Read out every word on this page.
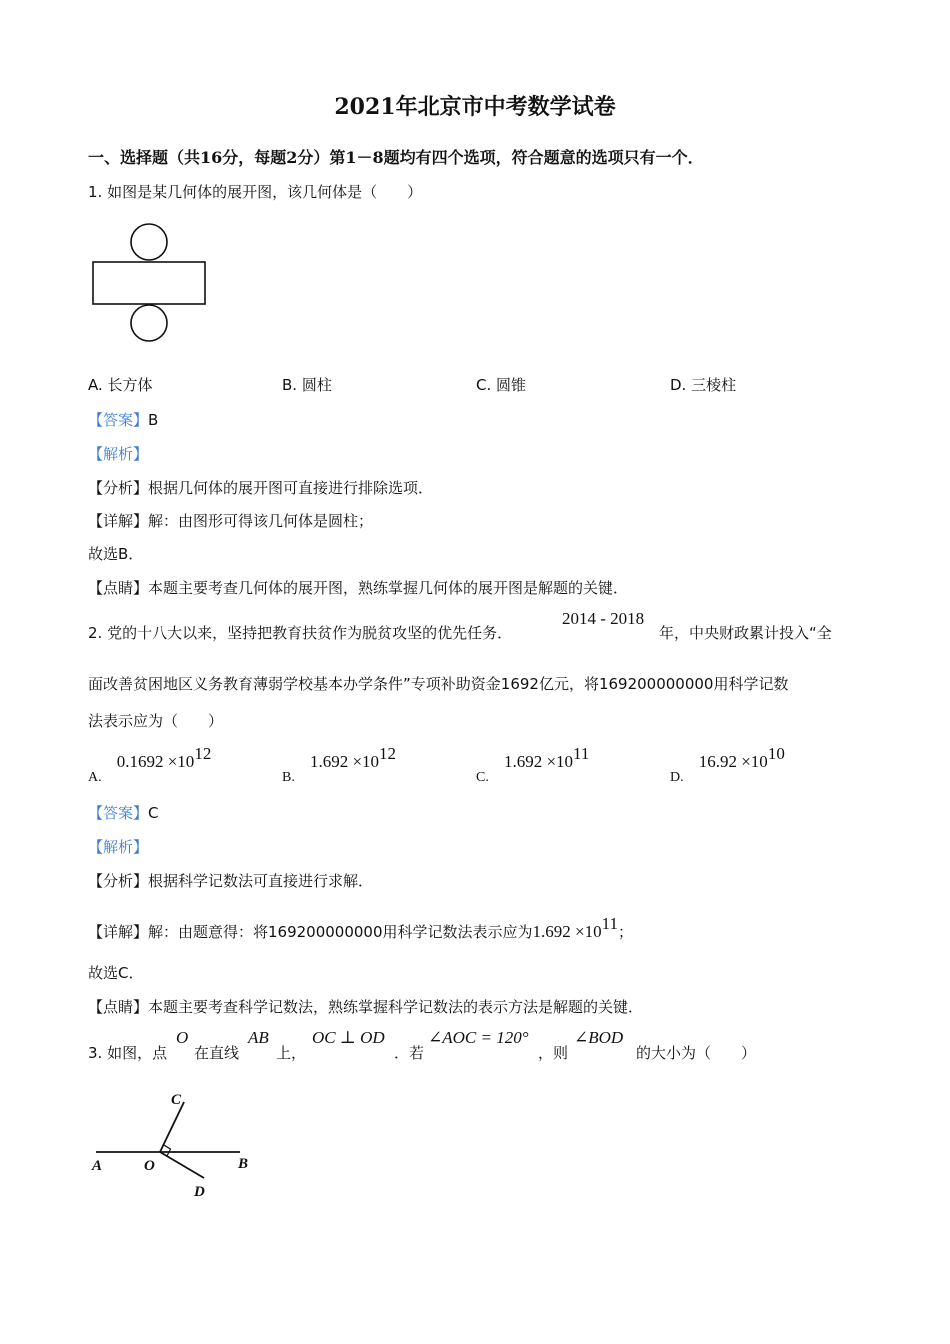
2021年北京市中考数学试卷
一、选择题（共16分，每题2分）第1－8题均有四个选项，符合题意的选项只有一个．
1. 如图是某几何体的展开图，该几何体是（　　）
A. 长方体	B. 圆柱	C. 圆锥	D. 三棱柱
【答案】B
【解析】
【分析】根据几何体的展开图可直接进行排除选项．
【详解】解：由图形可得该几何体是圆柱；
故选B．
【点睛】本题主要考查几何体的展开图，熟练掌握几何体的展开图是解题的关键．
2. 党的十八大以来，坚持把教育扶贫作为脱贫攻坚的优先任务．
2014 - 2018
年，中央财政累计投入“全
面改善贫困地区义务教育薄弱学校基本办学条件”专项补助资金1692亿元，将169200000000用科学记数
法表示应为（　　）
A. $0.1692 \times 10^{12}$
B. $1.692 \times 10^{12}$
C. $1.692 \times 10^{11}$
D. $16.92 \times 10^{10}$
【答案】C
【解析】
【分析】根据科学记数法可直接进行求解．
【详解】解：由题意得：将169200000000用科学记数法表示应为$1.692 \times 10^{11}$；
故选C．
【点睛】本题主要考查科学记数法，熟练掌握科学记数法的表示方法是解题的关键．
3. 如图，点
O
在直线
AB
上，
OC ⊥ OD
．若
∠AOC = 120°
，则
∠BOD
的大小为（　　）
A	O	B
C
D
